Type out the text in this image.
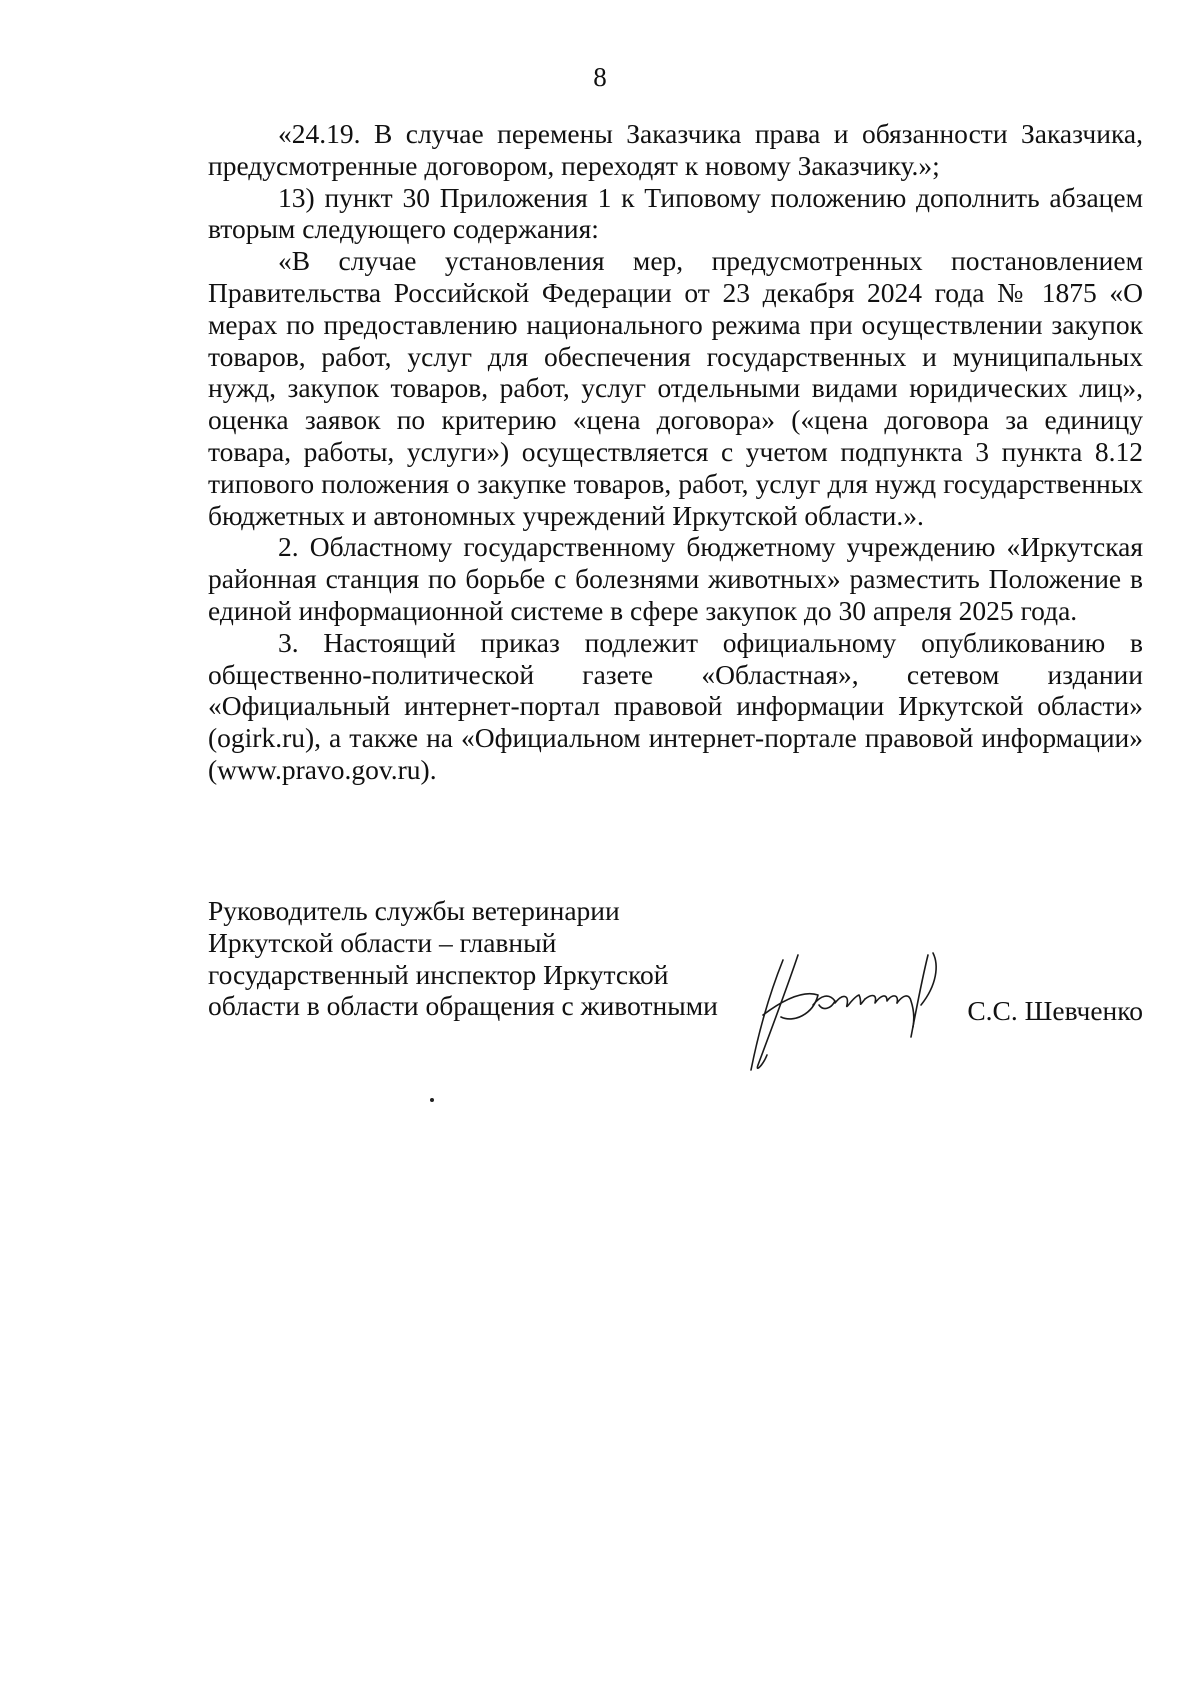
8

«24.19. В случае перемены Заказчика права и обязанности Заказчика, предусмотренные договором, переходят к новому Заказчику.»;

13) пункт 30 Приложения 1 к Типовому положению дополнить абзацем вторым следующего содержания:

«В случае установления мер, предусмотренных постановлением Правительства Российской Федерации от 23 декабря 2024 года № 1875 «О мерах по предоставлению национального режима при осуществлении закупок товаров, работ, услуг для обеспечения государственных и муниципальных нужд, закупок товаров, работ, услуг отдельными видами юридических лиц», оценка заявок по критерию «цена договора» («цена договора за единицу товара, работы, услуги») осуществляется с учетом подпункта 3 пункта 8.12 типового положения о закупке товаров, работ, услуг для нужд государственных бюджетных и автономных учреждений Иркутской области.».

2. Областному государственному бюджетному учреждению «Иркутская районная станция по борьбе с болезнями животных» разместить Положение в единой информационной системе в сфере закупок до 30 апреля 2025 года.

3. Настоящий приказ подлежит официальному опубликованию в общественно-политической газете «Областная», сетевом издании «Официальный интернет-портал правовой информации Иркутской области» (ogirk.ru), а также на «Официальном интернет-портале правовой информации» (www.pravo.gov.ru).

Руководитель службы ветеринарии
Иркутской области – главный
государственный инспектор Иркутской
области в области обращения с животными	С.С. Шевченко
